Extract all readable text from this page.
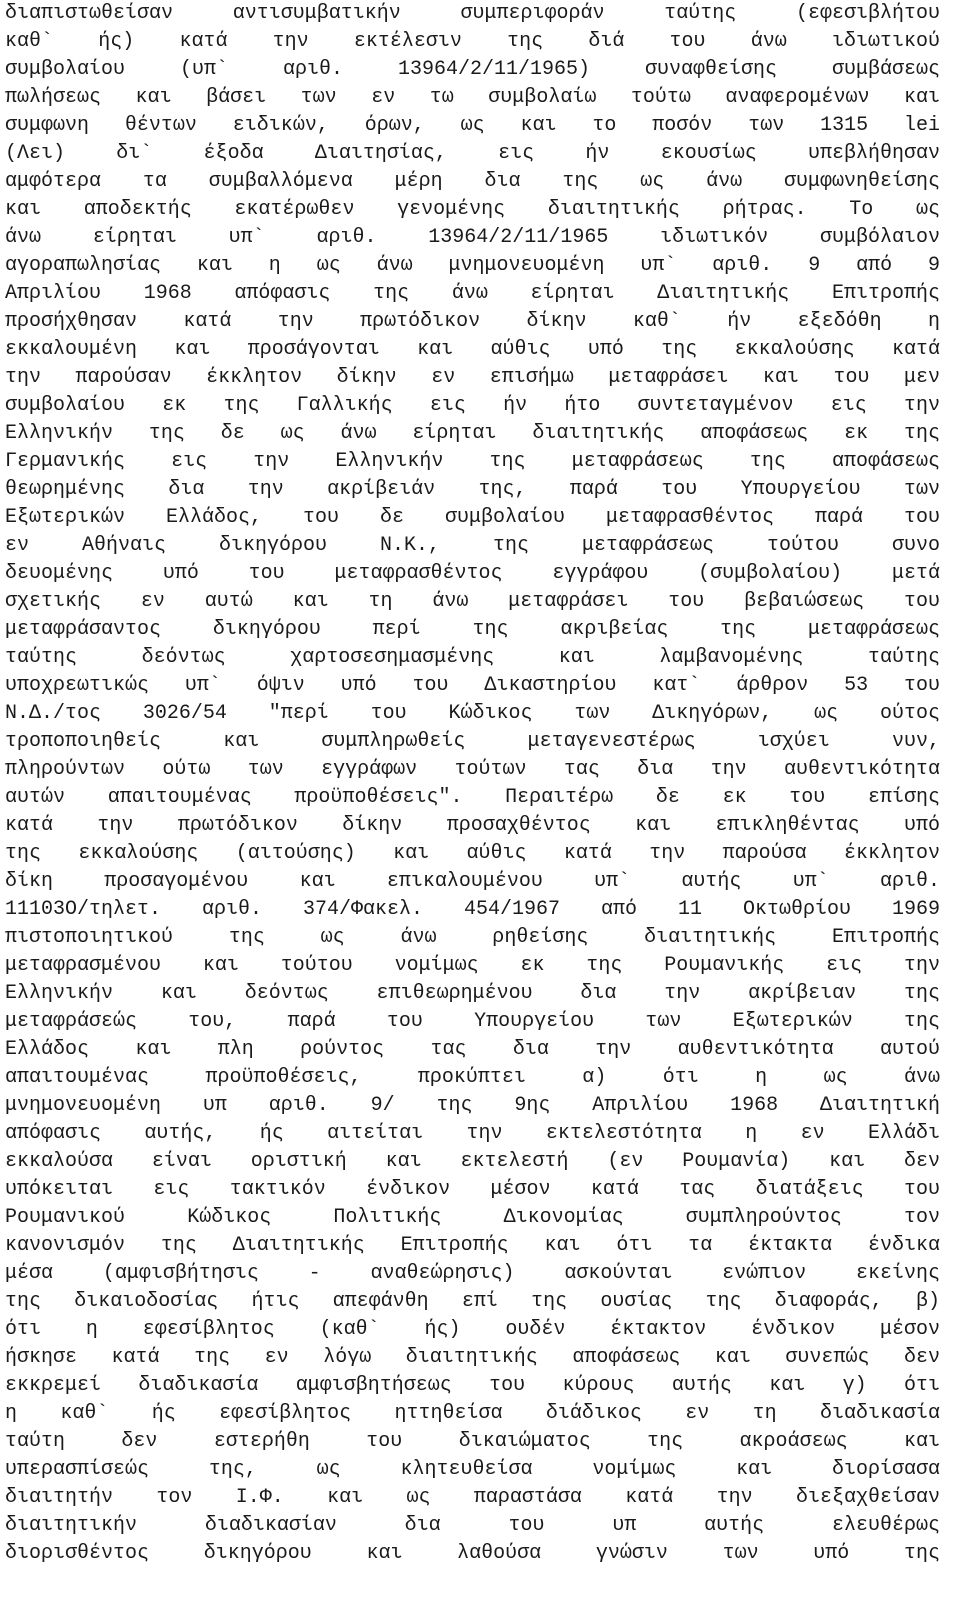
διαπιστωθείσαν αντισυμβατικήν συμπεριφοράν ταύτης (εφεσιβλήτου
καθ` ής) κατά την εκτέλεσιν της διά του άνω ιδιωτικού
συμβολαίου (υπ` αριθ. 13964/2/11/1965) συναφθείσης συμβάσεως
πωλήσεως και βάσει των εν τω συμβολαίω τούτω αναφερομένων και
συμφωνη θέντων ειδικών, όρων, ως και το ποσόν των 1315 lei
(Λει) δι` έξοδα Διαιτησίας, εις ήν εκουσίως υπεβλήθησαν
αμφότερα τα συμβαλλόμενα μέρη δια της ως άνω συμφωνηθείσης
και αποδεκτής εκατέρωθεν γενομένης διαιτητικής ρήτρας. Το ως
άνω είρηται υπ` αριθ. 13964/2/11/1965 ιδιωτικόν συμβόλαιον
αγοραπωλησίας και η ως άνω μνημονευομένη υπ` αριθ. 9 από 9
Απριλίου 1968 απόφασις της άνω είρηται Διαιτητικής Επιτροπής
προσήχθησαν κατά την πρωτόδικον δίκην καθ` ήν εξεδόθη η
εκκαλουμένη και προσάγονται και αύθις υπό της εκκαλούσης κατά
την παρούσαν έκκλητον δίκην εν επισήμω μεταφράσει και του μεν
συμβολαίου εκ της Γαλλικής εις ήν ήτο συντεταγμένον εις την
Ελληνικήν της δε ως άνω είρηται διαιτητικής αποφάσεως εκ της
Γερμανικής εις την Ελληνικήν της μεταφράσεως της αποφάσεως
θεωρημένης δια την ακρίβειάν της, παρά του Υπουργείου των
Εξωτερικών Ελλάδος, του δε συμβολαίου μεταφρασθέντος παρά του
εν Αθήναις δικηγόρου Ν.Κ., της μεταφράσεως τούτου συνο
δευομένης υπό του μεταφρασθέντος εγγράφου (συμβολαίου) μετά
σχετικής εν αυτώ και τη άνω μεταφράσει του βεβαιώσεως του
μεταφράσαντος δικηγόρου περί της ακριβείας της μεταφράσεως
ταύτης δεόντως χαρτοσεσημασμένης και λαμβανομένης ταύτης
υποχρεωτικώς υπ` όψιν υπό του Δικαστηρίου κατ` άρθρον 53 του
Ν.Δ./τος 3026/54 "περί του Κώδικος των Δικηγόρων, ως ούτος
τροποποιηθείς και συμπληρωθείς μεταγενεστέρως ισχύει νυν,
πληρούντων ούτω των εγγράφων τούτων τας δια την αυθεντικότητα
αυτών απαιτουμένας προϋποθέσεις". Περαιτέρω δε εκ του επίσης
κατά την πρωτόδικον δίκην προσαχθέντος και επικληθέντας υπό
της εκκαλούσης (αιτούσης) και αύθις κατά την παρούσα έκκλητον
δίκη προσαγομένου και επικαλουμένου υπ` αυτής υπ` αριθ.
11103Ο/τηλετ. αριθ. 374/Φακελ. 454/1967 από 11 Οκτωθρίου 1969
πιστοποιητικού της ως άνω ρηθείσης διαιτητικής Επιτροπής
μεταφρασμένου και τούτου νομίμως εκ της Ρουμανικής εις την
Ελληνικήν και δεόντως επιθεωρημένου δια την ακρίβειαν της
μεταφράσεώς του, παρά του Υπουργείου των Εξωτερικών της
Ελλάδος και πλη ρούντος τας δια την αυθεντικότητα αυτού
απαιτουμένας προϋποθέσεις, προκύπτει α) ότι η ως άνω
μνημονευομένη υπ αριθ. 9/ της 9ης Απριλίου 1968 Διαιτητική
απόφασις αυτής, ής αιτείται την εκτελεστότητα η εν Ελλάδι
εκκαλούσα είναι οριστική και εκτελεστή (εν Ρουμανία) και δεν
υπόκειται εις τακτικόν ένδικον μέσον κατά τας διατάξεις του
Ρουμανικού Κώδικος Πολιτικής Δικονομίας συμπληρούντος τον
κανονισμόν της Διαιτητικής Επιτροπής και ότι τα έκτακτα ένδικα
μέσα (αμφισβήτησις - αναθεώρησις) ασκούνται ενώπιον εκείνης
της δικαιοδοσίας ήτις απεφάνθη επί της ουσίας της διαφοράς, β)
ότι η εφεσίβλητος (καθ` ής) ουδέν έκτακτον ένδικον μέσον
ήσκησε κατά της εν λόγω διαιτητικής αποφάσεως και συνεπώς δεν
εκκρεμεί διαδικασία αμφισβητήσεως του κύρους αυτής και γ) ότι
η καθ` ής εφεσίβλητος ηττηθείσα διάδικος εν τη διαδικασία
ταύτη δεν εστερήθη του δικαιώματος της ακροάσεως και
υπερασπίσεώς της, ως κλητευθείσα νομίμως και διορίσασα
διαιτητήν τον Ι.Φ. και ως παραστάσα κατά την διεξαχθείσαν
διαιτητικήν διαδικασίαν δια του υπ αυτής ελευθέρως
διορισθέντος δικηγόρου και λαθούσα γνώσιν των υπό της
